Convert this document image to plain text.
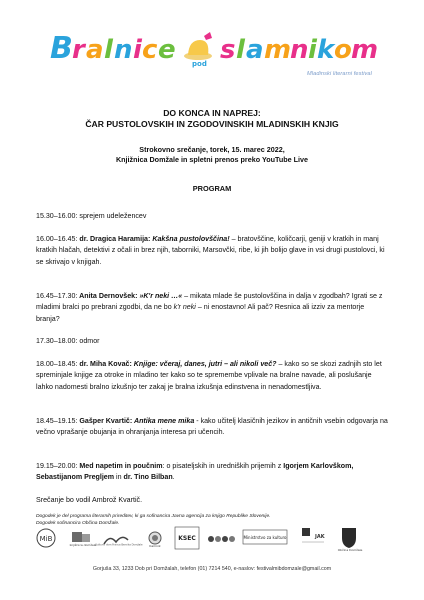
B r a l n i c e pod s l a m
n i k o m
Mladinski literarni festival
DO KONCA IN NAPREJ:
ČAR PUSTOLOVSKIH IN ZGODOVINSKIH MLADINSKIH KNJIG
Strokovno srečanje, torek, 15. marec 2022,
Knjižnica Domžale in spletni prenos preko YouTube Live
PROGRAM
15.30–16.00: sprejem udeležencev
16.00–16.45: dr. Dragica Haramija: Kakšna pustolovščina! – bratovščine, količcarji, geniji v kratkih in manj kratkih hlačah, detektivi z očali in brez njih, taborniki, Marsovčki, ribe, ki jih bolijo glave in vsi drugi pustolovci, ki se skrivajo v knjigah.
16.45–17.30: Anita Dernovšek: »K'r neki …« – mikata mlade še pustolovščina in dalja v zgodbah? Igrati se z mladimi bralci po prebrani zgodbi, da ne bo k'r neki – ni enostavno! Ali pač? Resnica ali izziv za mentorje branja?
17.30–18.00: odmor
18.00–18.45: dr. Miha Kovač: Knjige: včeraj, danes, jutri – ali nikoli več? – kako so se skozi zadnjih sto let spreminjale knjige za otroke in mladino ter kako so te spremembe vplivale na bralne navade, ali poslušanje lahko nadomesti bralno izkušnjo ter zakaj je bralna izkušnja edinstvena in nenadomestljiva.
18.45–19.15: Gašper Kvartič: Antika mene mika - kako učitelj klasičnih jezikov in antičnih vsebin odgovarja na večno vprašanje obujanja in ohranjanja interesa pri učencih.
19.15–20.00: Med napetim in poučnim: o pisateljskih in uredniških prijemih z Igorjem Karlovškom, Sebastijanom Pregljem in dr. Tino Bilban.
Srečanje bo vodil Ambrož Kvartič.
Dogodek je del programa literarnih prireditev, ki ga sofinancira Javna agencija za knjigo Republike Slovenije.
Dogodek sofinancira Občina Domžale.
MiB
knjižnica domžale Kulturni dom Franca Bernika Domžale Kamnik
KSEC	Ministrstvo za kulturo	JAK
Občina Domžale
Gorjuša 33, 1233 Dob pri Domžalah, telefon (01) 7214 540, e-naslov: festivalmibdomzale@gmail.com
